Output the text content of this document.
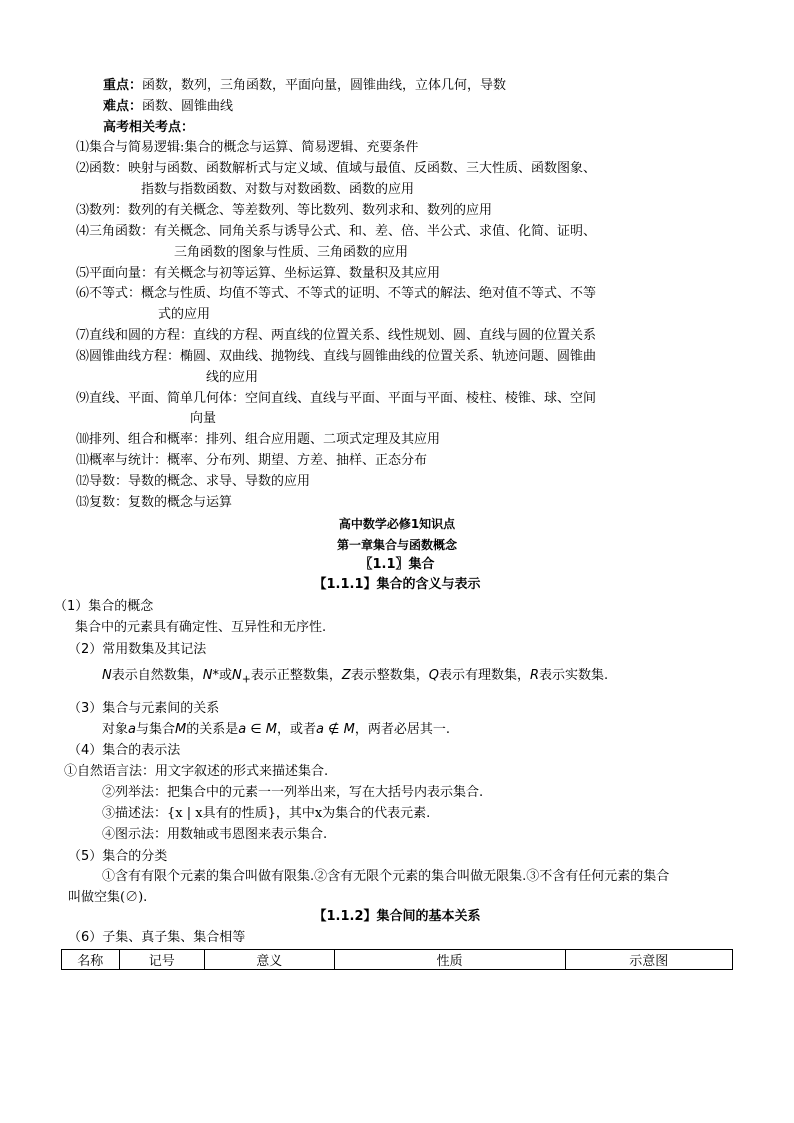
重点：函数，数列，三角函数，平面向量，圆锥曲线，立体几何，导数
难点：函数、圆锥曲线
高考相关考点：
⑴集合与简易逻辑:集合的概念与运算、简易逻辑、充要条件
⑵函数：映射与函数、函数解析式与定义域、值域与最值、反函数、三大性质、函数图象、
指数与指数函数、对数与对数函数、函数的应用
⑶数列：数列的有关概念、等差数列、等比数列、数列求和、数列的应用
⑷三角函数：有关概念、同角关系与诱导公式、和、差、倍、半公式、求值、化简、证明、
三角函数的图象与性质、三角函数的应用
⑸平面向量：有关概念与初等运算、坐标运算、数量积及其应用
⑹不等式：概念与性质、均值不等式、不等式的证明、不等式的解法、绝对值不等式、不等
式的应用
⑺直线和圆的方程：直线的方程、两直线的位置关系、线性规划、圆、直线与圆的位置关系
⑻圆锥曲线方程：椭圆、双曲线、抛物线、直线与圆锥曲线的位置关系、轨迹问题、圆锥曲
线的应用
⑼直线、平面、简单几何体：空间直线、直线与平面、平面与平面、棱柱、棱锥、球、空间
向量
⑽排列、组合和概率：排列、组合应用题、二项式定理及其应用
⑾概率与统计：概率、分布列、期望、方差、抽样、正态分布
⑿导数：导数的概念、求导、导数的应用
⒀复数：复数的概念与运算
高中数学必修1知识点
第一章集合与函数概念
〖1.1〗集合
【1.1.1】集合的含义与表示
（1）集合的概念
集合中的元素具有确定性、互异性和无序性.
（2）常用数集及其记法
N表示自然数集，N*或$N_+$表示正整数集，Z表示整数集，Q表示有理数集，R表示实数集.
（3）集合与元素间的关系
对象a与集合M的关系是a ∈ M，或者a ∉ M，两者必居其一.
（4）集合的表示法
①自然语言法：用文字叙述的形式来描述集合.
②列举法：把集合中的元素一一列举出来，写在大括号内表示集合.
③描述法：{x | x具有的性质}，其中x为集合的代表元素.
④图示法：用数轴或韦恩图来表示集合.
（5）集合的分类
①含有有限个元素的集合叫做有限集.②含有无限个元素的集合叫做无限集.③不含有任何元素的集合
叫做空集(∅).
【1.1.2】集合间的基本关系
（6）子集、真子集、集合相等
名称	记号	意义	性质	示意图
